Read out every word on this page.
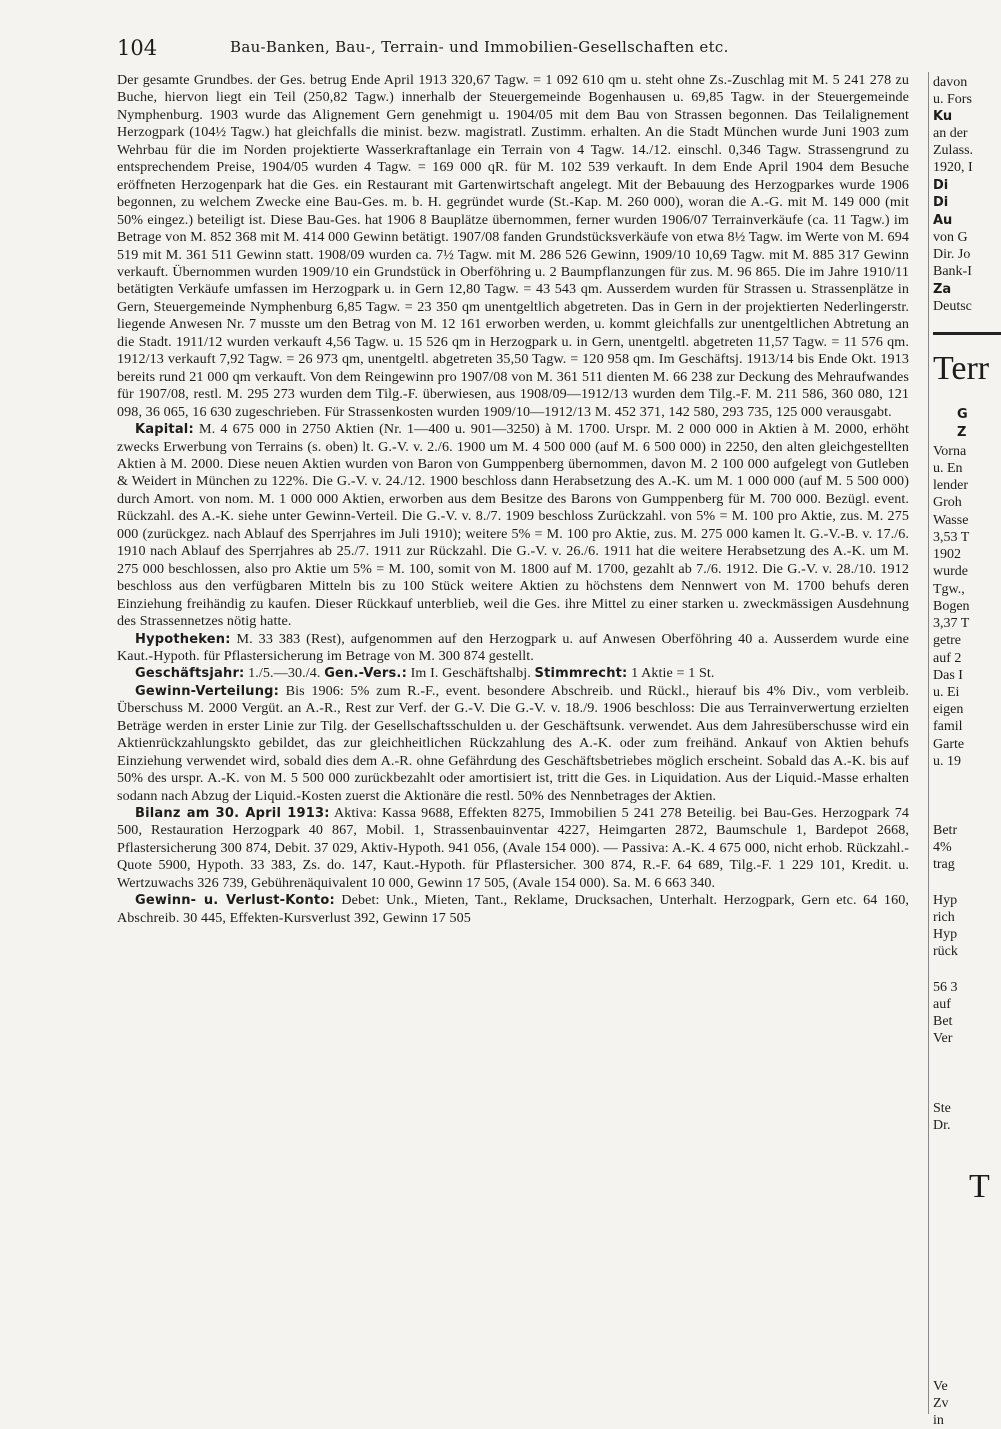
104	Bau-Banken, Bau-, Terrain- und Immobilien-Gesellschaften etc.

Der gesamte Grundbes. der Ges. betrug Ende April 1913 320,67 Tagw. = 1 092 610 qm u. steht ohne Zs.-Zuschlag mit M. 5 241 278 zu Buche, hiervon liegt ein Teil (250,82 Tagw.) innerhalb der Steuergemeinde Bogenhausen u. 69,85 Tagw. in der Steuergemeinde Nymphenburg. 1903 wurde das Alignement Gern genehmigt u. 1904/05 mit dem Bau von Strassen begonnen. Das Teilalignement Herzogpark (104½ Tagw.) hat gleichfalls die minist. bezw. magistratl. Zustimm. erhalten. An die Stadt München wurde Juni 1903 zum Wehrbau für die im Norden projektierte Wasserkraftanlage ein Terrain von 4 Tagw. 14./12. einschl. 0,346 Tagw. Strassengrund zu entsprechendem Preise, 1904/05 wurden 4 Tagw. = 169 000 qR. für M. 102 539 verkauft. In dem Ende April 1904 dem Besuche eröffneten Herzogenpark hat die Ges. ein Restaurant mit Gartenwirtschaft angelegt. Mit der Bebauung des Herzogparkes wurde 1906 begonnen, zu welchem Zwecke eine Bau-Ges. m. b. H. gegründet wurde (St.-Kap. M. 260 000), woran die A.-G. mit M. 149 000 (mit 50% eingez.) beteiligt ist. Diese Bau-Ges. hat 1906 8 Bauplätze übernommen, ferner wurden 1906/07 Terrainverkäufe (ca. 11 Tagw.) im Betrage von M. 852 368 mit M. 414 000 Gewinn betätigt. 1907/08 fanden Grundstücksverkäufe von etwa 8½ Tagw. im Werte von M. 694 519 mit M. 361 511 Gewinn statt. 1908/09 wurden ca. 7½ Tagw. mit M. 286 526 Gewinn, 1909/10 10,69 Tagw. mit M. 885 317 Gewinn verkauft. Übernommen wurden 1909/10 ein Grundstück in Oberföhring u. 2 Baumpflanzungen für zus. M. 96 865. Die im Jahre 1910/11 betätigten Verkäufe umfassen im Herzogpark u. in Gern 12,80 Tagw. = 43 543 qm. Ausserdem wurden für Strassen u. Strassenplätze in Gern, Steuergemeinde Nymphenburg 6,85 Tagw. = 23 350 qm unentgeltlich abgetreten. Das in Gern in der projektierten Nederlingerstr. liegende Anwesen Nr. 7 musste um den Betrag von M. 12 161 erworben werden, u. kommt gleichfalls zur unentgeltlichen Abtretung an die Stadt. 1911/12 wurden verkauft 4,56 Tagw. u. 15 526 qm in Herzogpark u. in Gern, unentgeltl. abgetreten 11,57 Tagw. = 11 576 qm. 1912/13 verkauft 7,92 Tagw. = 26 973 qm, unentgeltl. abgetreten 35,50 Tagw. = 120 958 qm. Im Geschäftsj. 1913/14 bis Ende Okt. 1913 bereits rund 21 000 qm verkauft. Von dem Reingewinn pro 1907/08 von M. 361 511 dienten M. 66 238 zur Deckung des Mehraufwandes für 1907/08, restl. M. 295 273 wurden dem Tilg.-F. überwiesen, aus 1908/09—1912/13 wurden dem Tilg.-F. M. 211 586, 360 080, 121 098, 36 065, 16 630 zugeschrieben. Für Strassenkosten wurden 1909/10—1912/13 M. 452 371, 142 580, 293 735, 125 000 verausgabt.

Kapital: M. 4 675 000 in 2750 Aktien (Nr. 1—400 u. 901—3250) à M. 1700. Urspr. M. 2 000 000 in Aktien à M. 2000, erhöht zwecks Erwerbung von Terrains (s. oben) lt. G.-V. v. 2./6. 1900 um M. 4 500 000 (auf M. 6 500 000) in 2250, den alten gleichgestellten Aktien à M. 2000. Diese neuen Aktien wurden von Baron von Gumppenberg übernommen, davon M. 2 100 000 aufgelegt von Gutleben & Weidert in München zu 122%. Die G.-V. v. 24./12. 1900 beschloss dann Herabsetzung des A.-K. um M. 1 000 000 (auf M. 5 500 000) durch Amort. von nom. M. 1 000 000 Aktien, erworben aus dem Besitze des Barons von Gumppenberg für M. 700 000. Bezügl. event. Rückzahl. des A.-K. siehe unter Gewinn-Verteil. Die G.-V. v. 8./7. 1909 beschloss Zurückzahl. von 5% = M. 100 pro Aktie, zus. M. 275 000 (zurückgez. nach Ablauf des Sperrjahres im Juli 1910); weitere 5% = M. 100 pro Aktie, zus. M. 275 000 kamen lt. G.-V.-B. v. 17./6. 1910 nach Ablauf des Sperrjahres ab 25./7. 1911 zur Rückzahl. Die G.-V. v. 26./6. 1911 hat die weitere Herabsetzung des A.-K. um M. 275 000 beschlossen, also pro Aktie um 5% = M. 100, somit von M. 1800 auf M. 1700, gezahlt ab 7./6. 1912. Die G.-V. v. 28./10. 1912 beschloss aus den verfügbaren Mitteln bis zu 100 Stück weitere Aktien zu höchstens dem Nennwert von M. 1700 behufs deren Einziehung freihändig zu kaufen. Dieser Rückkauf unterblieb, weil die Ges. ihre Mittel zu einer starken u. zweckmässigen Ausdehnung des Strassennetzes nötig hatte.

Hypotheken: M. 33 383 (Rest), aufgenommen auf den Herzogpark u. auf Anwesen Oberföhring 40 a. Ausserdem wurde eine Kaut.-Hypoth. für Pflastersicherung im Betrage von M. 300 874 gestellt.

Geschäftsjahr: 1./5.—30./4. Gen.-Vers.: Im I. Geschäftshalbj. Stimmrecht: 1 Aktie = 1 St.

Gewinn-Verteilung: Bis 1906: 5% zum R.-F., event. besondere Abschreib. und Rückl., hierauf bis 4% Div., vom verbleib. Überschuss M. 2000 Vergüt. an A.-R., Rest zur Verf. der G.-V. Die G.-V. v. 18./9. 1906 beschloss: Die aus Terrainverwertung erzielten Beträge werden in erster Linie zur Tilg. der Gesellschaftsschulden u. der Geschäftsunk. verwendet. Aus dem Jahresüberschusse wird ein Aktienrückzahlungskto gebildet, das zur gleichheitlichen Rückzahlung des A.-K. oder zum freihänd. Ankauf von Aktien behufs Einziehung verwendet wird, sobald dies dem A.-R. ohne Gefährdung des Geschäftsbetriebes möglich erscheint. Sobald das A.-K. bis auf 50% des urspr. A.-K. von M. 5 500 000 zurückbezahlt oder amortisiert ist, tritt die Ges. in Liquidation. Aus der Liquid.-Masse erhalten sodann nach Abzug der Liquid.-Kosten zuerst die Aktionäre die restl. 50% des Nennbetrages der Aktien.

Bilanz am 30. April 1913: Aktiva: Kassa 9688, Effekten 8275, Immobilien 5 241 278 Beteilig. bei Bau-Ges. Herzogpark 74 500, Restauration Herzogpark 40 867, Mobil. 1, Strassenbauinventar 4227, Heimgarten 2872, Baumschule 1, Bardepot 2668, Pflastersicherung 300 874, Debit. 37 029, Aktiv-Hypoth. 941 056, (Avale 154 000). — Passiva: A.-K. 4 675 000, nicht erhob. Rückzahl.-Quote 5900, Hypoth. 33 383, Zs. do. 147, Kaut.-Hypoth. für Pflastersicher. 300 874, R.-F. 64 689, Tilg.-F. 1 229 101, Kredit. u. Wertzuwachs 326 739, Gebührenäquivalent 10 000, Gewinn 17 505, (Avale 154 000). Sa. M. 6 663 340.

Gewinn- u. Verlust-Konto: Debet: Unk., Mieten, Tant., Reklame, Drucksachen, Unterhalt. Herzogpark, Gern etc. 64 160, Abschreib. 30 445, Effekten-Kursverlust 392, Gewinn 17 505

davon
u. Fors
Ku
an der
Zulass.
1920, I
Di
Di
Au
von G
Dir. Jo
Bank-I
Za
Deutsc
Terr
G
Z
Vorna
u. En
lender
Groh
Wasse
3,53 T
1902
wurde
Tgw.,
Bogen
3,37 T
getre
auf 2
Das I
u. Ei
eigen
famil
Garte
u. 19
Betr
4%
trag
Hyp
rich
Hyp
rück
56 3
auf
Bet
Ver
Ste
Dr.
T
Ve
Zv
in
